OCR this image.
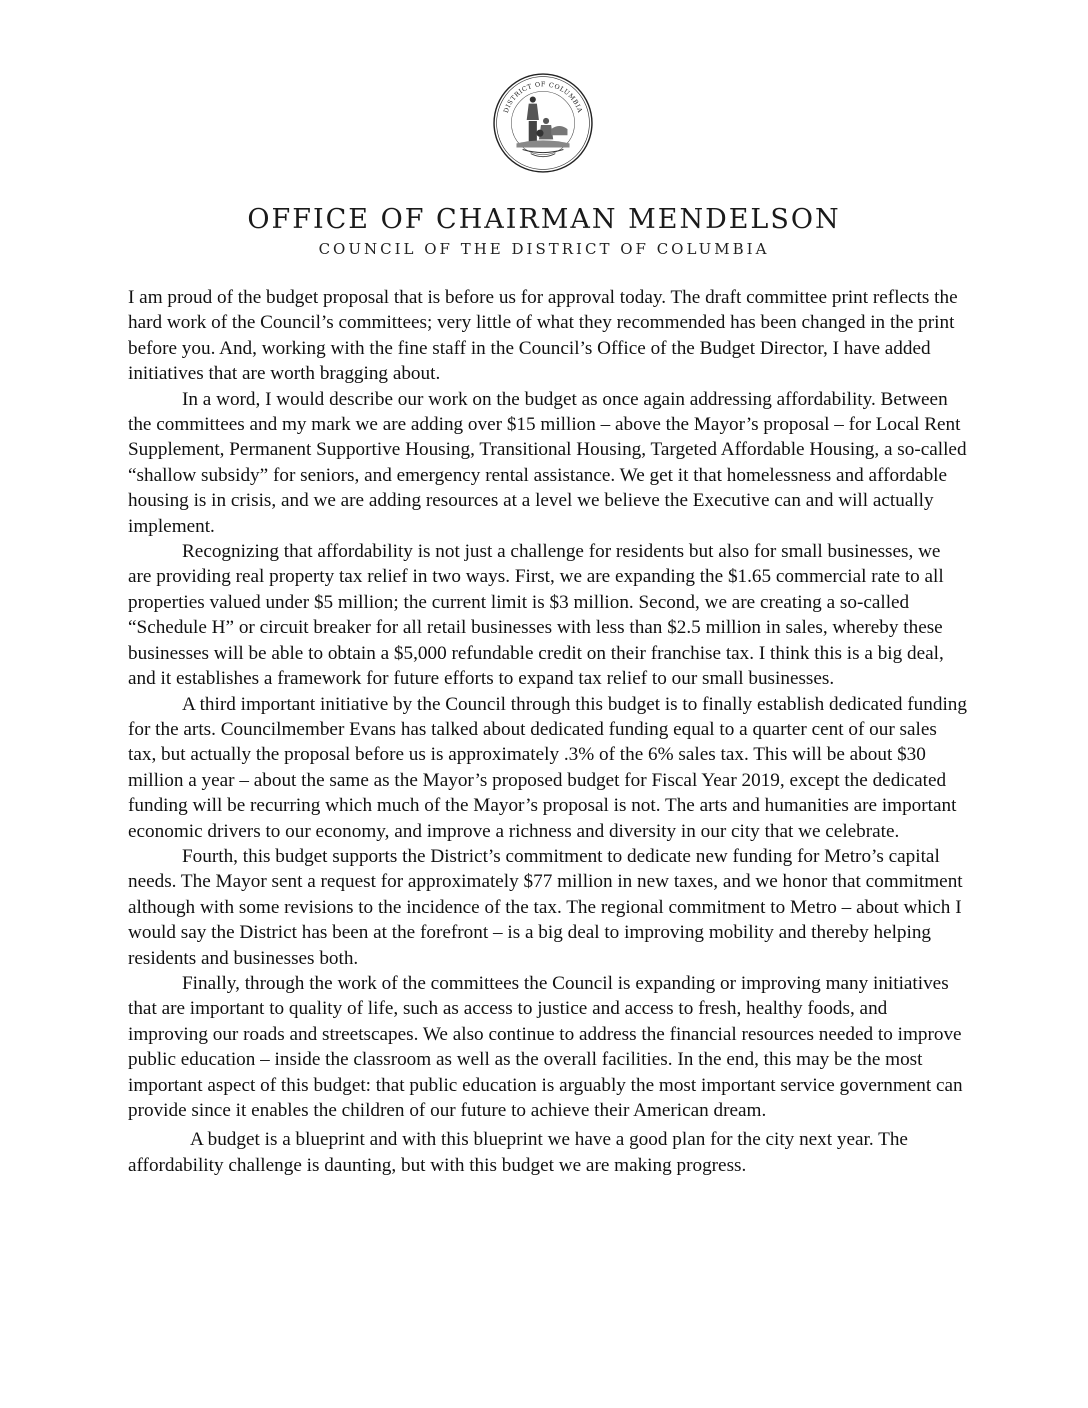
DISTRICT OF COLUMBIA
OFFICE OF CHAIRMAN MENDELSON
COUNCIL OF THE DISTRICT OF COLUMBIA

I am proud of the budget proposal that is before us for approval today. The draft committee print reflects the hard work of the Council’s committees; very little of what they recommended has been changed in the print before you. And, working with the fine staff in the Council’s Office of the Budget Director, I have added initiatives that are worth bragging about.

In a word, I would describe our work on the budget as once again addressing affordability. Between the committees and my mark we are adding over $15 million – above the Mayor’s proposal – for Local Rent Supplement, Permanent Supportive Housing, Transitional Housing, Targeted Affordable Housing, a so-called “shallow subsidy” for seniors, and emergency rental assistance. We get it that homelessness and affordable housing is in crisis, and we are adding resources at a level we believe the Executive can and will actually implement.

Recognizing that affordability is not just a challenge for residents but also for small businesses, we are providing real property tax relief in two ways. First, we are expanding the $1.65 commercial rate to all properties valued under $5 million; the current limit is $3 million. Second, we are creating a so-called “Schedule H” or circuit breaker for all retail businesses with less than $2.5 million in sales, whereby these businesses will be able to obtain a $5,000 refundable credit on their franchise tax. I think this is a big deal, and it establishes a framework for future efforts to expand tax relief to our small businesses.

A third important initiative by the Council through this budget is to finally establish dedicated funding for the arts. Councilmember Evans has talked about dedicated funding equal to a quarter cent of our sales tax, but actually the proposal before us is approximately .3% of the 6% sales tax. This will be about $30 million a year – about the same as the Mayor’s proposed budget for Fiscal Year 2019, except the dedicated funding will be recurring which much of the Mayor’s proposal is not. The arts and humanities are important economic drivers to our economy, and improve a richness and diversity in our city that we celebrate.

Fourth, this budget supports the District’s commitment to dedicate new funding for Metro’s capital needs. The Mayor sent a request for approximately $77 million in new taxes, and we honor that commitment although with some revisions to the incidence of the tax. The regional commitment to Metro – about which I would say the District has been at the forefront – is a big deal to improving mobility and thereby helping residents and businesses both.

Finally, through the work of the committees the Council is expanding or improving many initiatives that are important to quality of life, such as access to justice and access to fresh, healthy foods, and improving our roads and streetscapes. We also continue to address the financial resources needed to improve public education – inside the classroom as well as the overall facilities. In the end, this may be the most important aspect of this budget: that public education is arguably the most important service government can provide since it enables the children of our future to achieve their American dream.

A budget is a blueprint and with this blueprint we have a good plan for the city next year. The affordability challenge is daunting, but with this budget we are making progress.
